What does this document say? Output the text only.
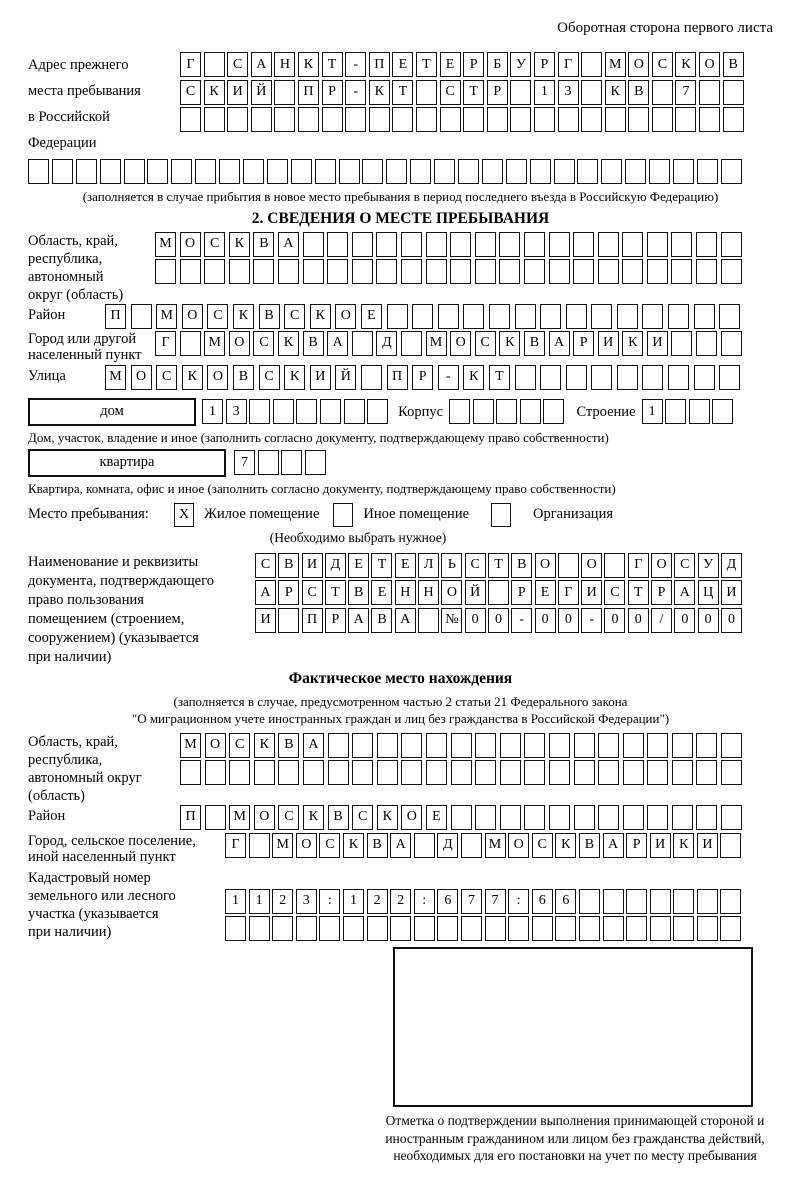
Оборотная сторона первого листа
Адрес прежнего
места пребывания
в Российской
Федерации
Г	С А Н К	Т	-	П	Е	Т	Е	Р	Б	У	Р	Г	М О С	К О В
С	К И Й	П	Р	-	К	Т	С	Т	Р	1	3	К	В	7
(заполняется в случае прибытия в новое место пребывания в период последнего въезда в Российскую Федерацию)
2. СВЕДЕНИЯ О МЕСТЕ ПРЕБЫВАНИЯ
Область, край,
республика,
автономный
округ (область)
М О	С	К	В	А
Район	П	М	О	С	К	В	С	К	О	Е
Город или другой
населенный пункт
Г	М О	С	К	В	А	Д	М О	С	К	В	А	Р	И	К	И
Улица	М	О	С	К	О	В	С	К	И	Й	П	Р	-	К	Т
дом	1	3	Корпус	Строение 1
Дом, участок, владение и иное (заполнить согласно документу, подтверждающему право собственности)
квартира	7
Квартира, комната, офис и иное (заполнить согласно документу, подтверждающему право собственности)
Место пребывания:	X Жилое помещение	Иное помещение	Организация
(Необходимо выбрать нужное)
Наименование и реквизиты
документа, подтверждающего
право пользования
помещением (строением,
сооружением) (указывается
при наличии)
С В И Д	Е	Т	Е	Л	Ь	С	Т	В О	О	Г	О С У Д
А	Р	С	Т	В	Е Н Н О Й	Р	Е	Г	И С	Т	Р	А Ц И
И	П	Р	А В А	№ 0	0	-	0	0	-	0	0	/	0	0	0
Фактическое место нахождения
(заполняется в случае, предусмотренном частью 2 статьи 21 Федерального закона
"О миграционном учете иностранных граждан и лиц без гражданства в Российской Федерации")
Область, край,
республика,
автономный округ
(область)
М О	С	К	В	А
Район	П	М О	С	К	В	С	К	О	Е
Город, сельское поселение,
иной населенный пункт
Г	М О С	К	В А	Д	М О С	К	В А	Р	И К И
Кадастровый номер
земельного или лесного
участка (указывается
при наличии)
1	1	2	3	:	1	2	2	:	6	7	7	:	6	6
Отметка о подтверждении выполнения принимающей стороной и иностранным гражданином или лицом без гражданства действий, необходимых для его постановки на учет по месту пребывания
